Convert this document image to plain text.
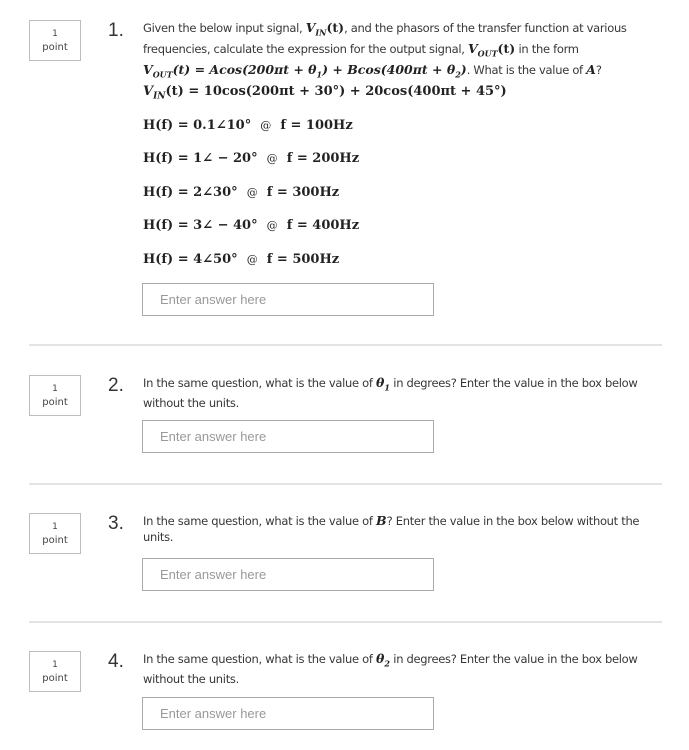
1
point
1. Given the below input signal, $V_{IN}(t)$, and the phasors of the transfer function at various frequencies, calculate the expression for the output signal, $V_{OUT}(t)$ in the form
$V_{OUT}(t) = Acos(200\pi t + \theta_1) + Bcos(400\pi t + \theta_2)$. What is the value of A?
$V_{IN}(t) = 10\cos(200\pi t + 30^\circ) + 20\cos(400\pi t + 45^\circ)$
H(f) = 0.1∠10° @ f = 100Hz
H(f) = 1∠ − 20° @ f = 200Hz
H(f) = 2∠30° @ f = 300Hz
H(f) = 3∠ − 40° @ f = 400Hz
H(f) = 4∠50° @ f = 500Hz
Enter answer here
1
point
2. In the same question, what is the value of $\theta_1$ in degrees? Enter the value in the box below without the units.
Enter answer here
1
point
3. In the same question, what is the value of B? Enter the value in the box below without the units.
Enter answer here
1
point
4. In the same question, what is the value of $\theta_2$ in degrees? Enter the value in the box below without the units.
Enter answer here
